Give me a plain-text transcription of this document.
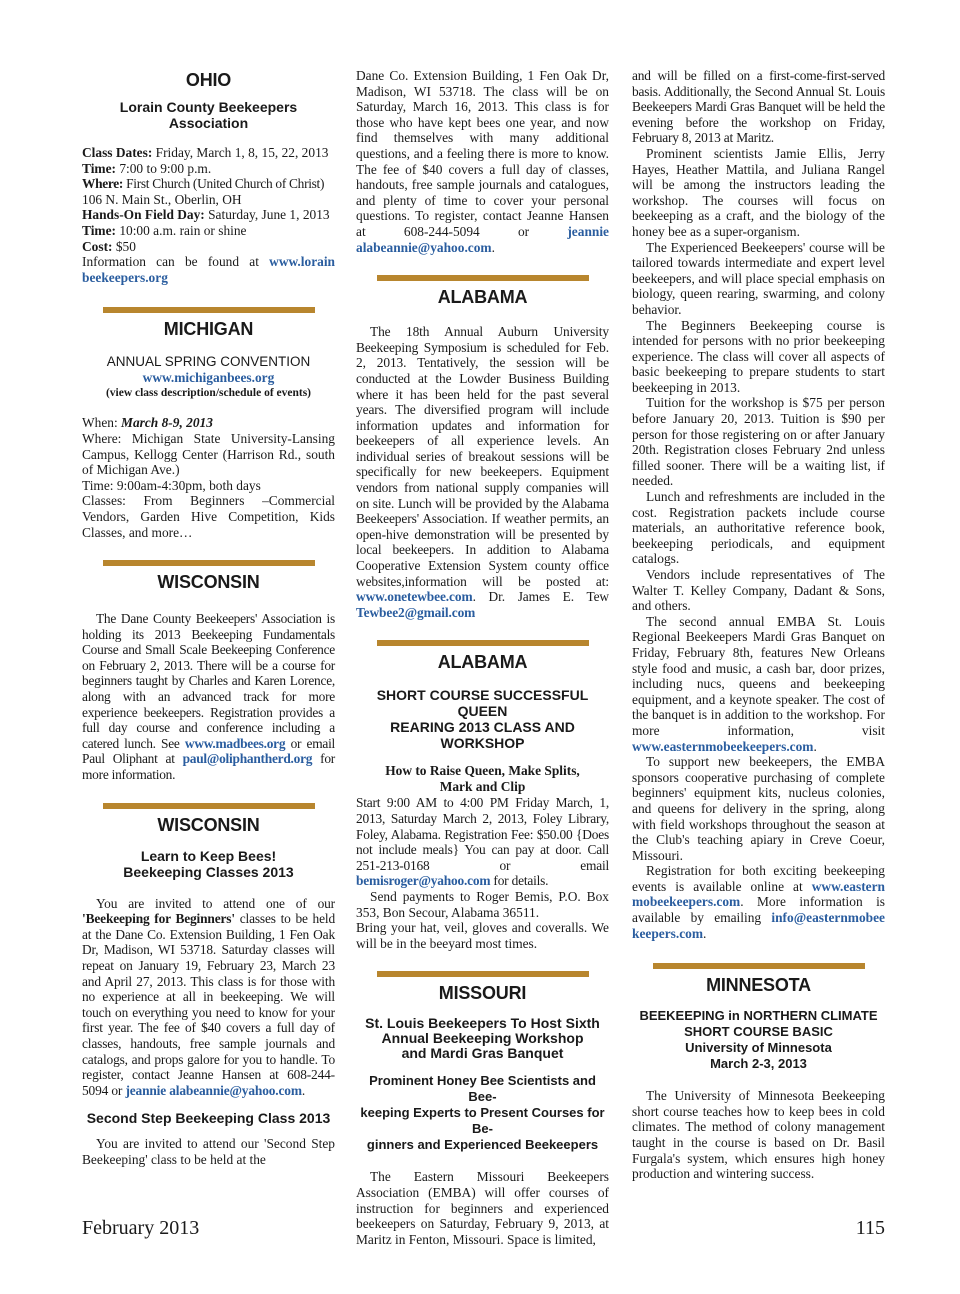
OHIO
Lorain County Beekeepers Association

Class Dates: Friday, March 1, 8, 15, 22, 2013

Time: 7:00 to 9:00 p.m.

Where: First Church (United Church of Christ)

106 N. Main St., Oberlin, OH

Hands-On Field Day: Saturday, June 1, 2013

Time: 10:00 a.m. rain or shine

Cost: $50

Information can be found at www.lorain beekeepers.org

MICHIGAN
ANNUAL SPRING CONVENTION
www.michiganbees.org
(view class description/schedule of events)

When: March 8-9, 2013

Where: Michigan State University-Lansing Campus, Kellogg Center (Harrison Rd., south of Michigan Ave.)

Time: 9:00am-4:30pm, both days

Classes: From Beginners –Commercial Vendors, Garden Hive Competition, Kids Classes, and more…

WISCONSIN

The Dane County Beekeepers' Association is holding its 2013 Beekeeping Fundamentals Course and Small Scale Beekeeping Conference on February 2, 2013. There will be a course for beginners taught by Charles and Karen Lorence, along with an advanced track for more experience beekeepers. Registration provides a full day course and conference including a catered lunch. See www.madbees.org or email Paul Oliphant at paul@oliphantherd.org for more information.

WISCONSIN
Learn to Keep Bees!
Beekeeping Classes 2013

You are invited to attend one of our 'Beekeeping for Beginners' classes to be held at the Dane Co. Extension Building, 1 Fen Oak Dr, Madison, WI 53718. Saturday classes will repeat on January 19, February 23, March 23 and April 27, 2013. This class is for those with no experience at all in beekeeping. We will touch on everything you need to know for your first year. The fee of $40 covers a full day of classes, handouts, free sample journals and catalogs, and props galore for you to handle. To register, contact Jeanne Hansen at 608-244-5094 or jeannie alabeannie@yahoo.com.

Second Step Beekeeping Class 2013

You are invited to attend our 'Second Step Beekeeping' class to be held at the

Dane Co. Extension Building, 1 Fen Oak Dr, Madison, WI 53718. The class will be on Saturday, March 16, 2013. This class is for those who have kept bees one year, and now find themselves with many additional questions, and a feeling there is more to know. The fee of $40 covers a full day of classes, handouts, free sample journals and catalogues, and plenty of time to cover your personal questions. To register, contact Jeanne Hansen at 608-244-5094 or jeannie alabeannie@yahoo.com.

ALABAMA

The 18th Annual Auburn University Beekeeping Symposium is scheduled for Feb. 2, 2013. Tentatively, the session will be conducted at the Lowder Business Building where it has been held for the past several years. The diversified program will include information updates and information for beekeepers of all experience levels. An individual series of breakout sessions will be specifically for new beekeepers. Equipment vendors from national supply companies will on site. Lunch will be provided by the Alabama Beekeepers' Association. If weather permits, an open-hive demonstration will be presented by local beekeepers. In addition to Alabama Cooperative Extension System county office websites,information will be posted at: www.onetewbee.com. Dr. James E. Tew Tewbee2@gmail.com

ALABAMA
SHORT COURSE SUCCESSFUL QUEEN
REARING 2013 CLASS AND WORKSHOP
How to Raise Queen, Make Splits,
Mark and Clip

Start 9:00 AM to 4:00 PM Friday March, 1, 2013, Saturday March 2, 2013, Foley Library, Foley, Alabama. Registration Fee: $50.00 {Does not include meals} You can pay at door. Call 251-213-0168 or email bemisroger@yahoo.com for details.

Send payments to Roger Bemis, P.O. Box 353, Bon Secour, Alabama 36511.

Bring your hat, veil, gloves and coveralls. We will be in the beeyard most times.

MISSOURI
St. Louis Beekeepers To Host Sixth
Annual Beekeeping Workshop
and Mardi Gras Banquet
Prominent Honey Bee Scientists and Bee-
keeping Experts to Present Courses for Be-
ginners and Experienced Beekeepers

The Eastern Missouri Beekeepers Association (EMBA) will offer courses of instruction for beginners and experienced beekeepers on Saturday, February 9, 2013, at Maritz in Fenton, Missouri. Space is limited,

and will be filled on a first-come-first-served basis. Additionally, the Second Annual St. Louis Beekeepers Mardi Gras Banquet will be held the evening before the workshop on Friday, February 8, 2013 at Maritz.

Prominent scientists Jamie Ellis, Jerry Hayes, Heather Mattila, and Juliana Rangel will be among the instructors leading the workshop. The courses will focus on beekeeping as a craft, and the biology of the honey bee as a super-organism.

The Experienced Beekeepers' course will be tailored towards intermediate and expert level beekeepers, and will place special emphasis on biology, queen rearing, swarming, and colony behavior.

The Beginners Beekeeping course is intended for persons with no prior beekeeping experience. The class will cover all aspects of basic beekeeping to prepare students to start beekeeping in 2013.

Tuition for the workshop is $75 per person before January 20, 2013. Tuition is $90 per person for those registering on or after January 20th. Registration closes February 2nd unless filled sooner. There will be a waiting list, if needed.

Lunch and refreshments are included in the cost. Registration packets include course materials, an authoritative reference book, beekeeping periodicals, and equipment catalogs.

Vendors include representatives of The Walter T. Kelley Company, Dadant & Sons, and others.

The second annual EMBA St. Louis Regional Beekeepers Mardi Gras Banquet on Friday, February 8th, features New Orleans style food and music, a cash bar, door prizes, including nucs, queens and beekeeping equipment, and a keynote speaker. The cost of the banquet is in addition to the workshop. For more information, visit www.easternmobeekeepers.com.

To support new beekeepers, the EMBA sponsors cooperative purchasing of complete beginners' equipment kits, nucleus colonies, and queens for delivery in the spring, along with field workshops throughout the season at the Club's teaching apiary in Creve Coeur, Missouri.

Registration for both exciting beekeeping events is available online at www.eastern mobeekeepers.com. More information is available by emailing info@easternmobee keepers.com.

MINNESOTA
BEEKEEPING in NORTHERN CLIMATE
SHORT COURSE BASIC
University of Minnesota
March 2-3, 2013

The University of Minnesota Beekeeping short course teaches how to keep bees in cold climates. The method of colony management taught in the course is based on Dr. Basil Furgala's system, which ensures high honey production and wintering success.

February 2013	115
